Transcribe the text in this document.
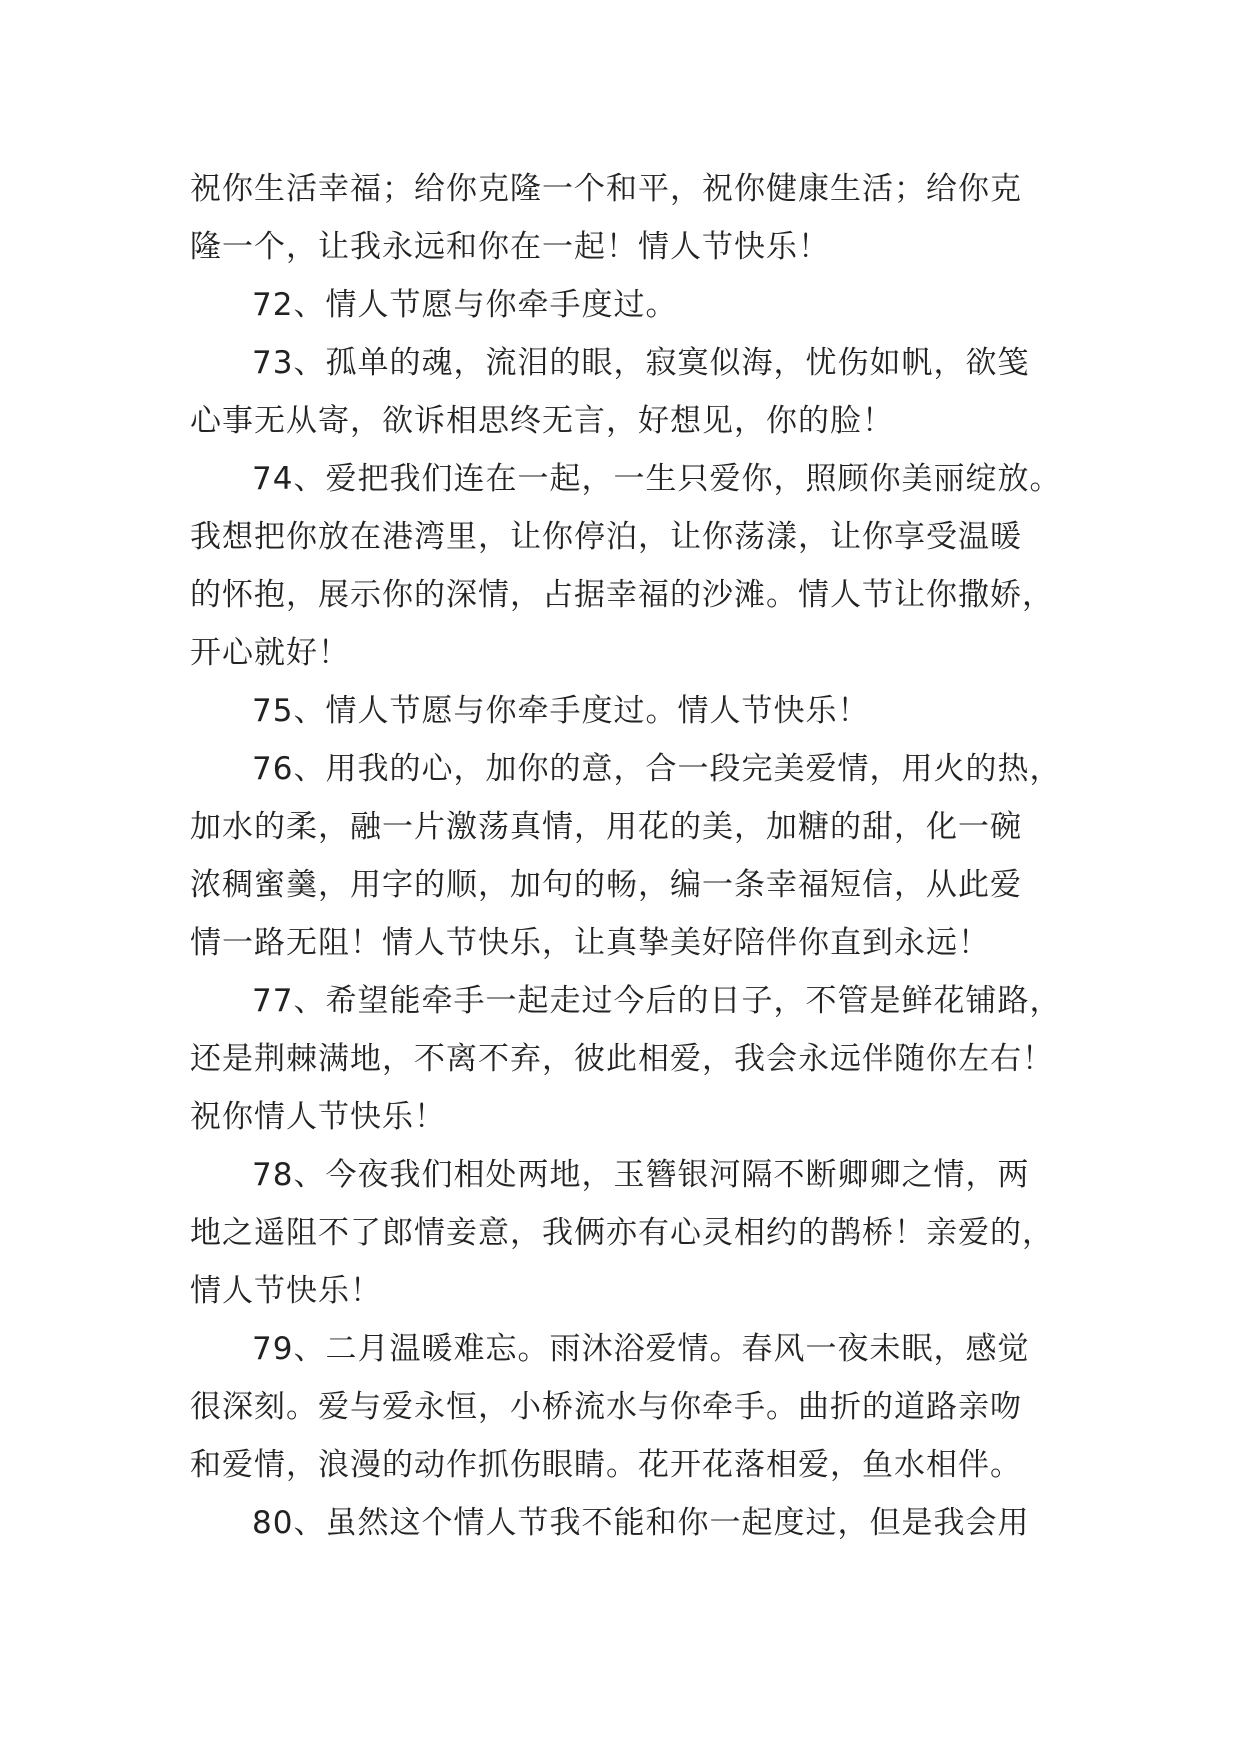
祝你生活幸福；给你克隆一个和平，祝你健康生活；给你克
隆一个，让我永远和你在一起！情人节快乐！
72、情人节愿与你牵手度过。
73、孤单的魂，流泪的眼，寂寞似海，忧伤如帆，欲笺
心事无从寄，欲诉相思终无言，好想见，你的脸！
74、爱把我们连在一起，一生只爱你，照顾你美丽绽放。
我想把你放在港湾里，让你停泊，让你荡漾，让你享受温暖
的怀抱，展示你的深情，占据幸福的沙滩。情人节让你撒娇，
开心就好！
75、情人节愿与你牵手度过。情人节快乐！
76、用我的心，加你的意，合一段完美爱情，用火的热，
加水的柔，融一片激荡真情，用花的美，加糖的甜，化一碗
浓稠蜜羹，用字的顺，加句的畅，编一条幸福短信，从此爱
情一路无阻！情人节快乐，让真挚美好陪伴你直到永远！
77、希望能牵手一起走过今后的日子，不管是鲜花铺路，
还是荆棘满地，不离不弃，彼此相爱，我会永远伴随你左右！
祝你情人节快乐！
78、今夜我们相处两地，玉簪银河隔不断卿卿之情，两
地之遥阻不了郎情妾意，我俩亦有心灵相约的鹊桥！亲爱的，
情人节快乐！
79、二月温暖难忘。雨沐浴爱情。春风一夜未眠，感觉
很深刻。爱与爱永恒，小桥流水与你牵手。曲折的道路亲吻
和爱情，浪漫的动作抓伤眼睛。花开花落相爱，鱼水相伴。
80、虽然这个情人节我不能和你一起度过，但是我会用
